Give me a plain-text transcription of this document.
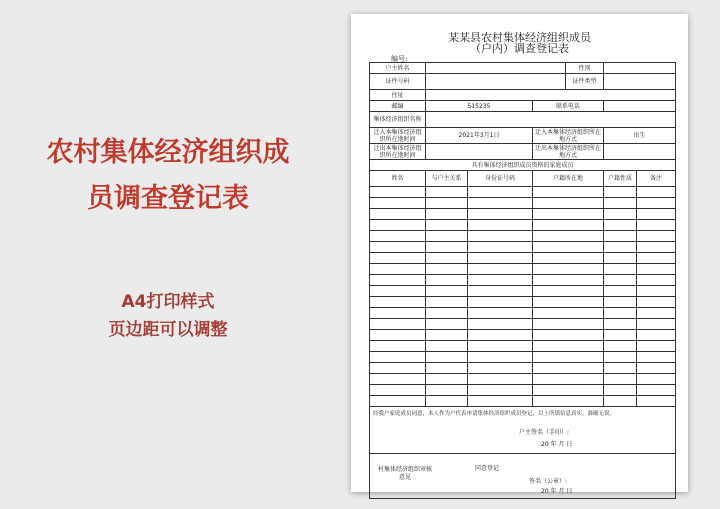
农村集体经济组织成
员调查登记表
A4打印样式
页边距可以调整
某某县农村集体经济组织成员
（户内）调查登记表
编号:
户主姓名				性别		
证件号码				证件类型		
住址						
邮编	515235		联系电话			
集体经济组织名称						
迁入本集体经济组织所在地时间	2021年3月1日		迁入本集体经济组织所在地方式		出生	
迁出本集体经济组织所在地时间			迁出本集体经济组织所在地方式			
具有集体经济组织成员资格的家庭成员						
姓名	与户主关系	身份证号码	户籍所在地		户籍性质	备注

经我户家庭成员同意，本人作为户代表申请集体经济组织成员登记，以上所填信息真实，准确无误。
户主签名（手印）:
20 年 月 日						

村集体经济组织审核意见
同意登记
签名（公章）:
20 年 月 日						
